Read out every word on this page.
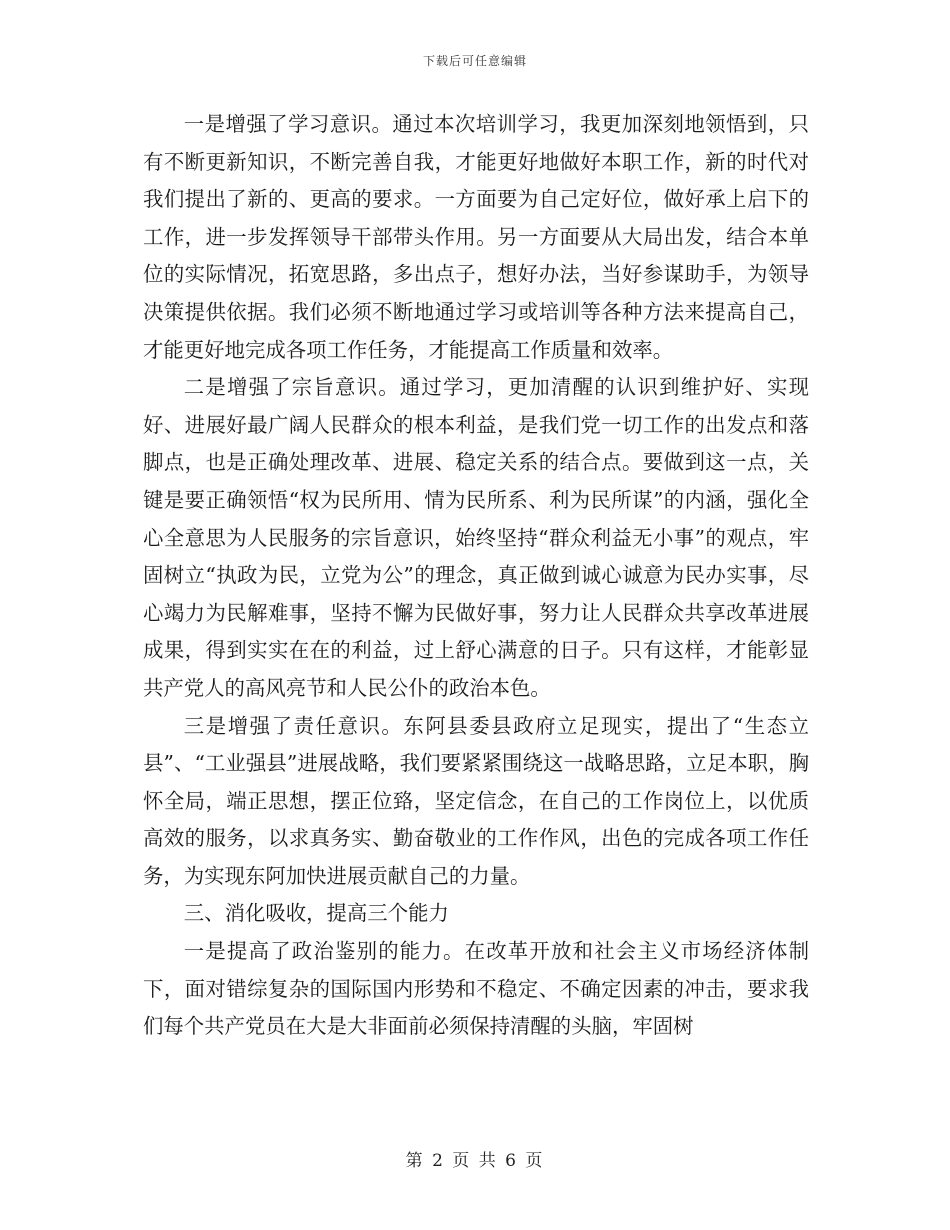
下载后可任意编辑

一是增强了学习意识。通过本次培训学习，我更加深刻地领悟到，只有不断更新知识，不断完善自我，才能更好地做好本职工作，新的时代对我们提出了新的、更高的要求。一方面要为自己定好位，做好承上启下的工作，进一步发挥领导干部带头作用。另一方面要从大局出发，结合本单位的实际情况，拓宽思路，多出点子，想好办法，当好参谋助手，为领导决策提供依据。我们必须不断地通过学习或培训等各种方法来提高自己，才能更好地完成各项工作任务，才能提高工作质量和效率。

二是增强了宗旨意识。通过学习，更加清醒的认识到维护好、实现好、进展好最广阔人民群众的根本利益，是我们党一切工作的出发点和落脚点，也是正确处理改革、进展、稳定关系的结合点。要做到这一点，关键是要正确领悟“权为民所用、情为民所系、利为民所谋”的内涵，强化全心全意思为人民服务的宗旨意识，始终坚持“群众利益无小事”的观点，牢固树立“执政为民，立党为公”的理念，真正做到诚心诚意为民办实事，尽心竭力为民解难事，坚持不懈为民做好事，努力让人民群众共享改革进展成果，得到实实在在的利益，过上舒心满意的日子。只有这样，才能彰显共产党人的高风亮节和人民公仆的政治本色。

三是增强了责任意识。东阿县委县政府立足现实，提出了“生态立县”、“工业强县”进展战略，我们要紧紧围绕这一战略思路，立足本职，胸怀全局，端正思想，摆正位臵，坚定信念，在自己的工作岗位上，以优质高效的服务，以求真务实、勤奋敬业的工作作风，出色的完成各项工作任务，为实现东阿加快进展贡献自己的力量。

三、消化吸收，提高三个能力

一是提高了政治鉴别的能力。在改革开放和社会主义市场经济体制下，面对错综复杂的国际国内形势和不稳定、不确定因素的冲击，要求我们每个共产党员在大是大非面前必须保持清醒的头脑，牢固树

第 2 页 共 6 页
